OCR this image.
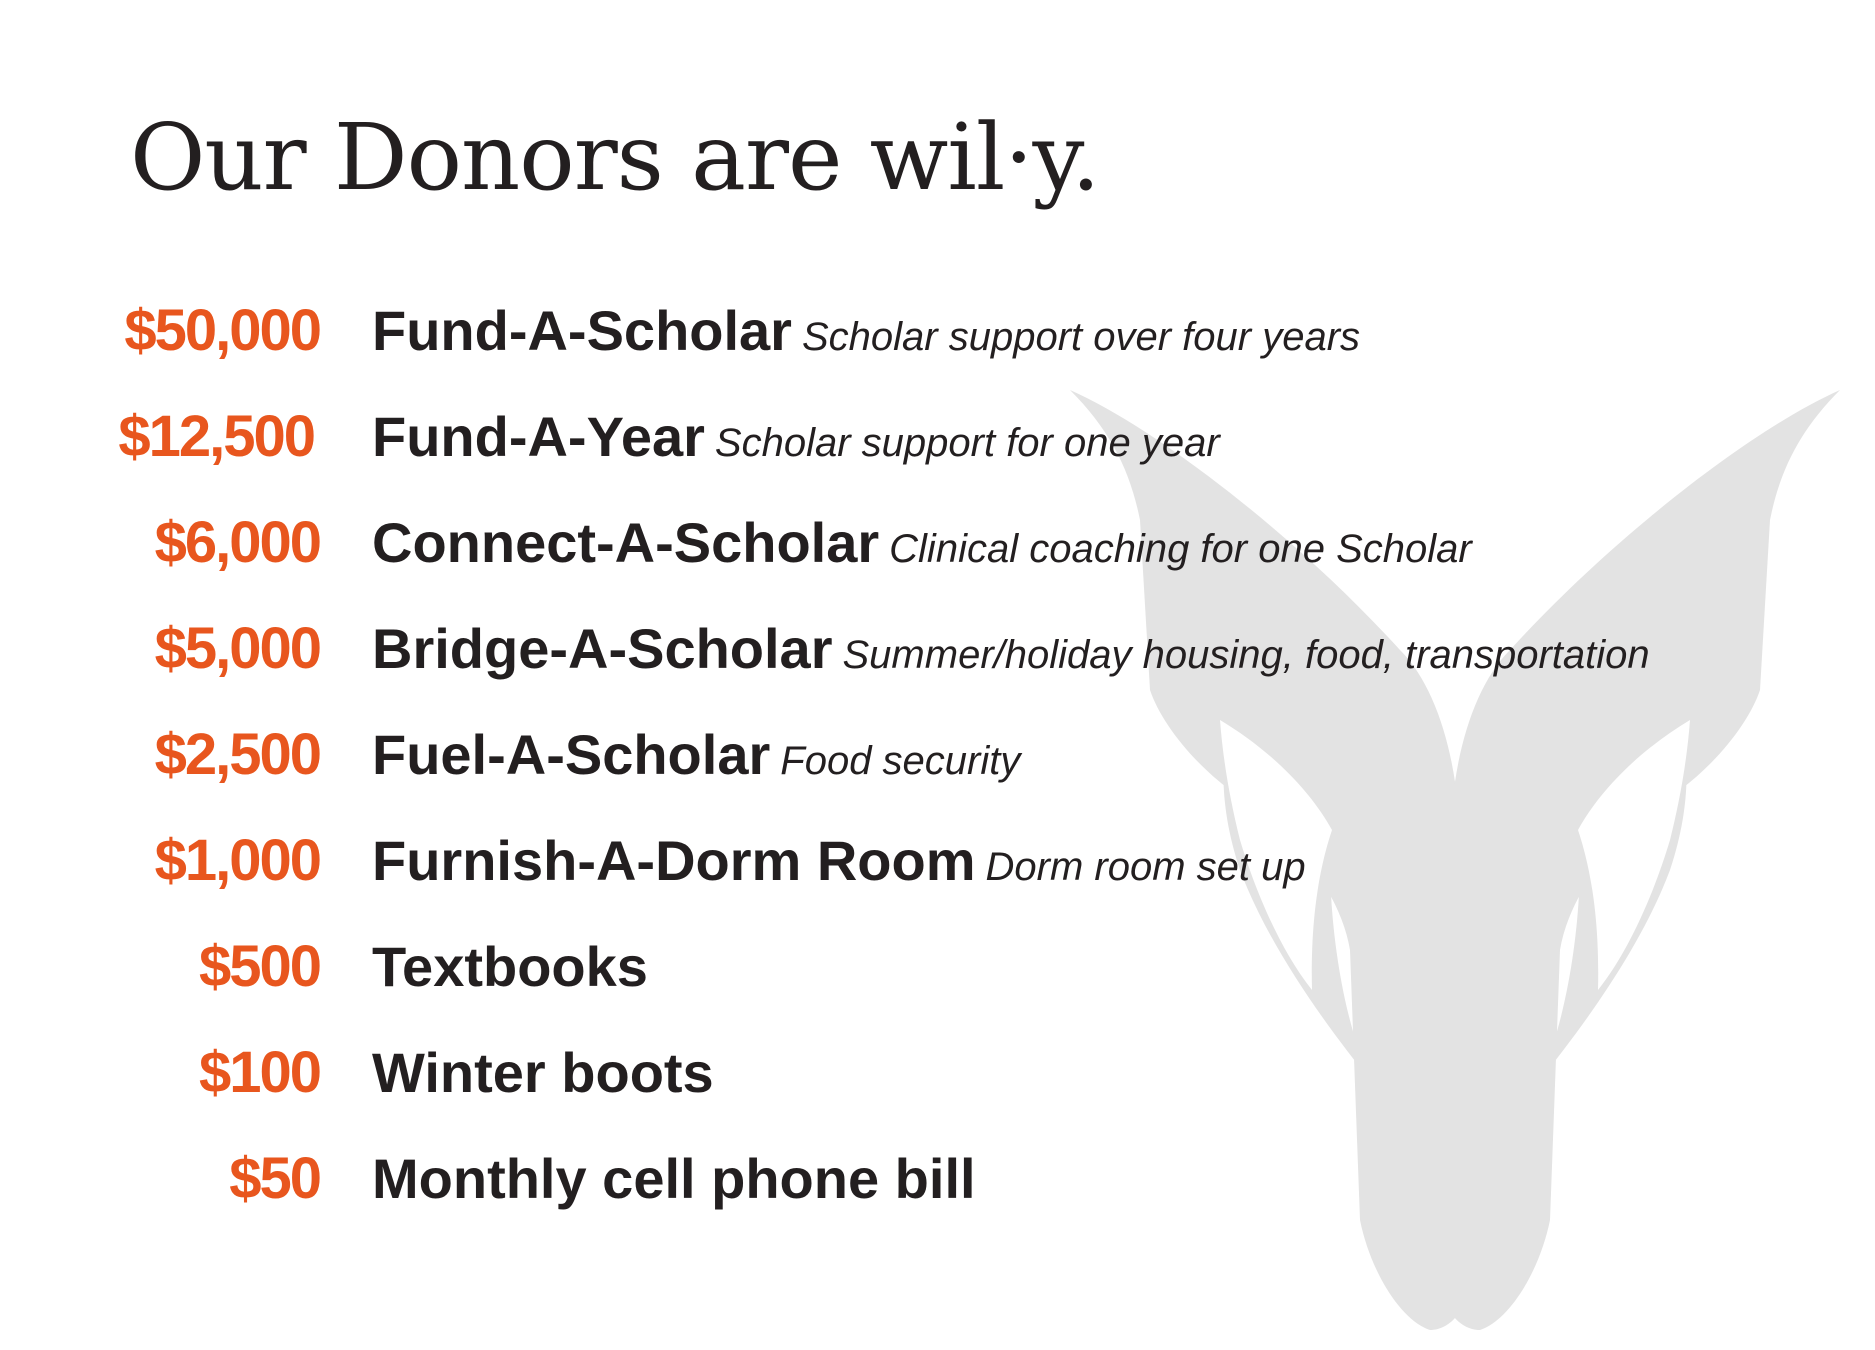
Our Donors are wil·y.
$50,000 Fund-A-Scholar Scholar support over four years
$12,500 Fund-A-Year Scholar support for one year
$6,000 Connect-A-Scholar Clinical coaching for one Scholar
$5,000 Bridge-A-Scholar Summer/holiday housing, food, transportation
$2,500 Fuel-A-Scholar Food security
$1,000 Furnish-A-Dorm Room Dorm room set up
$500 Textbooks
$100 Winter boots
$50 Monthly cell phone bill
